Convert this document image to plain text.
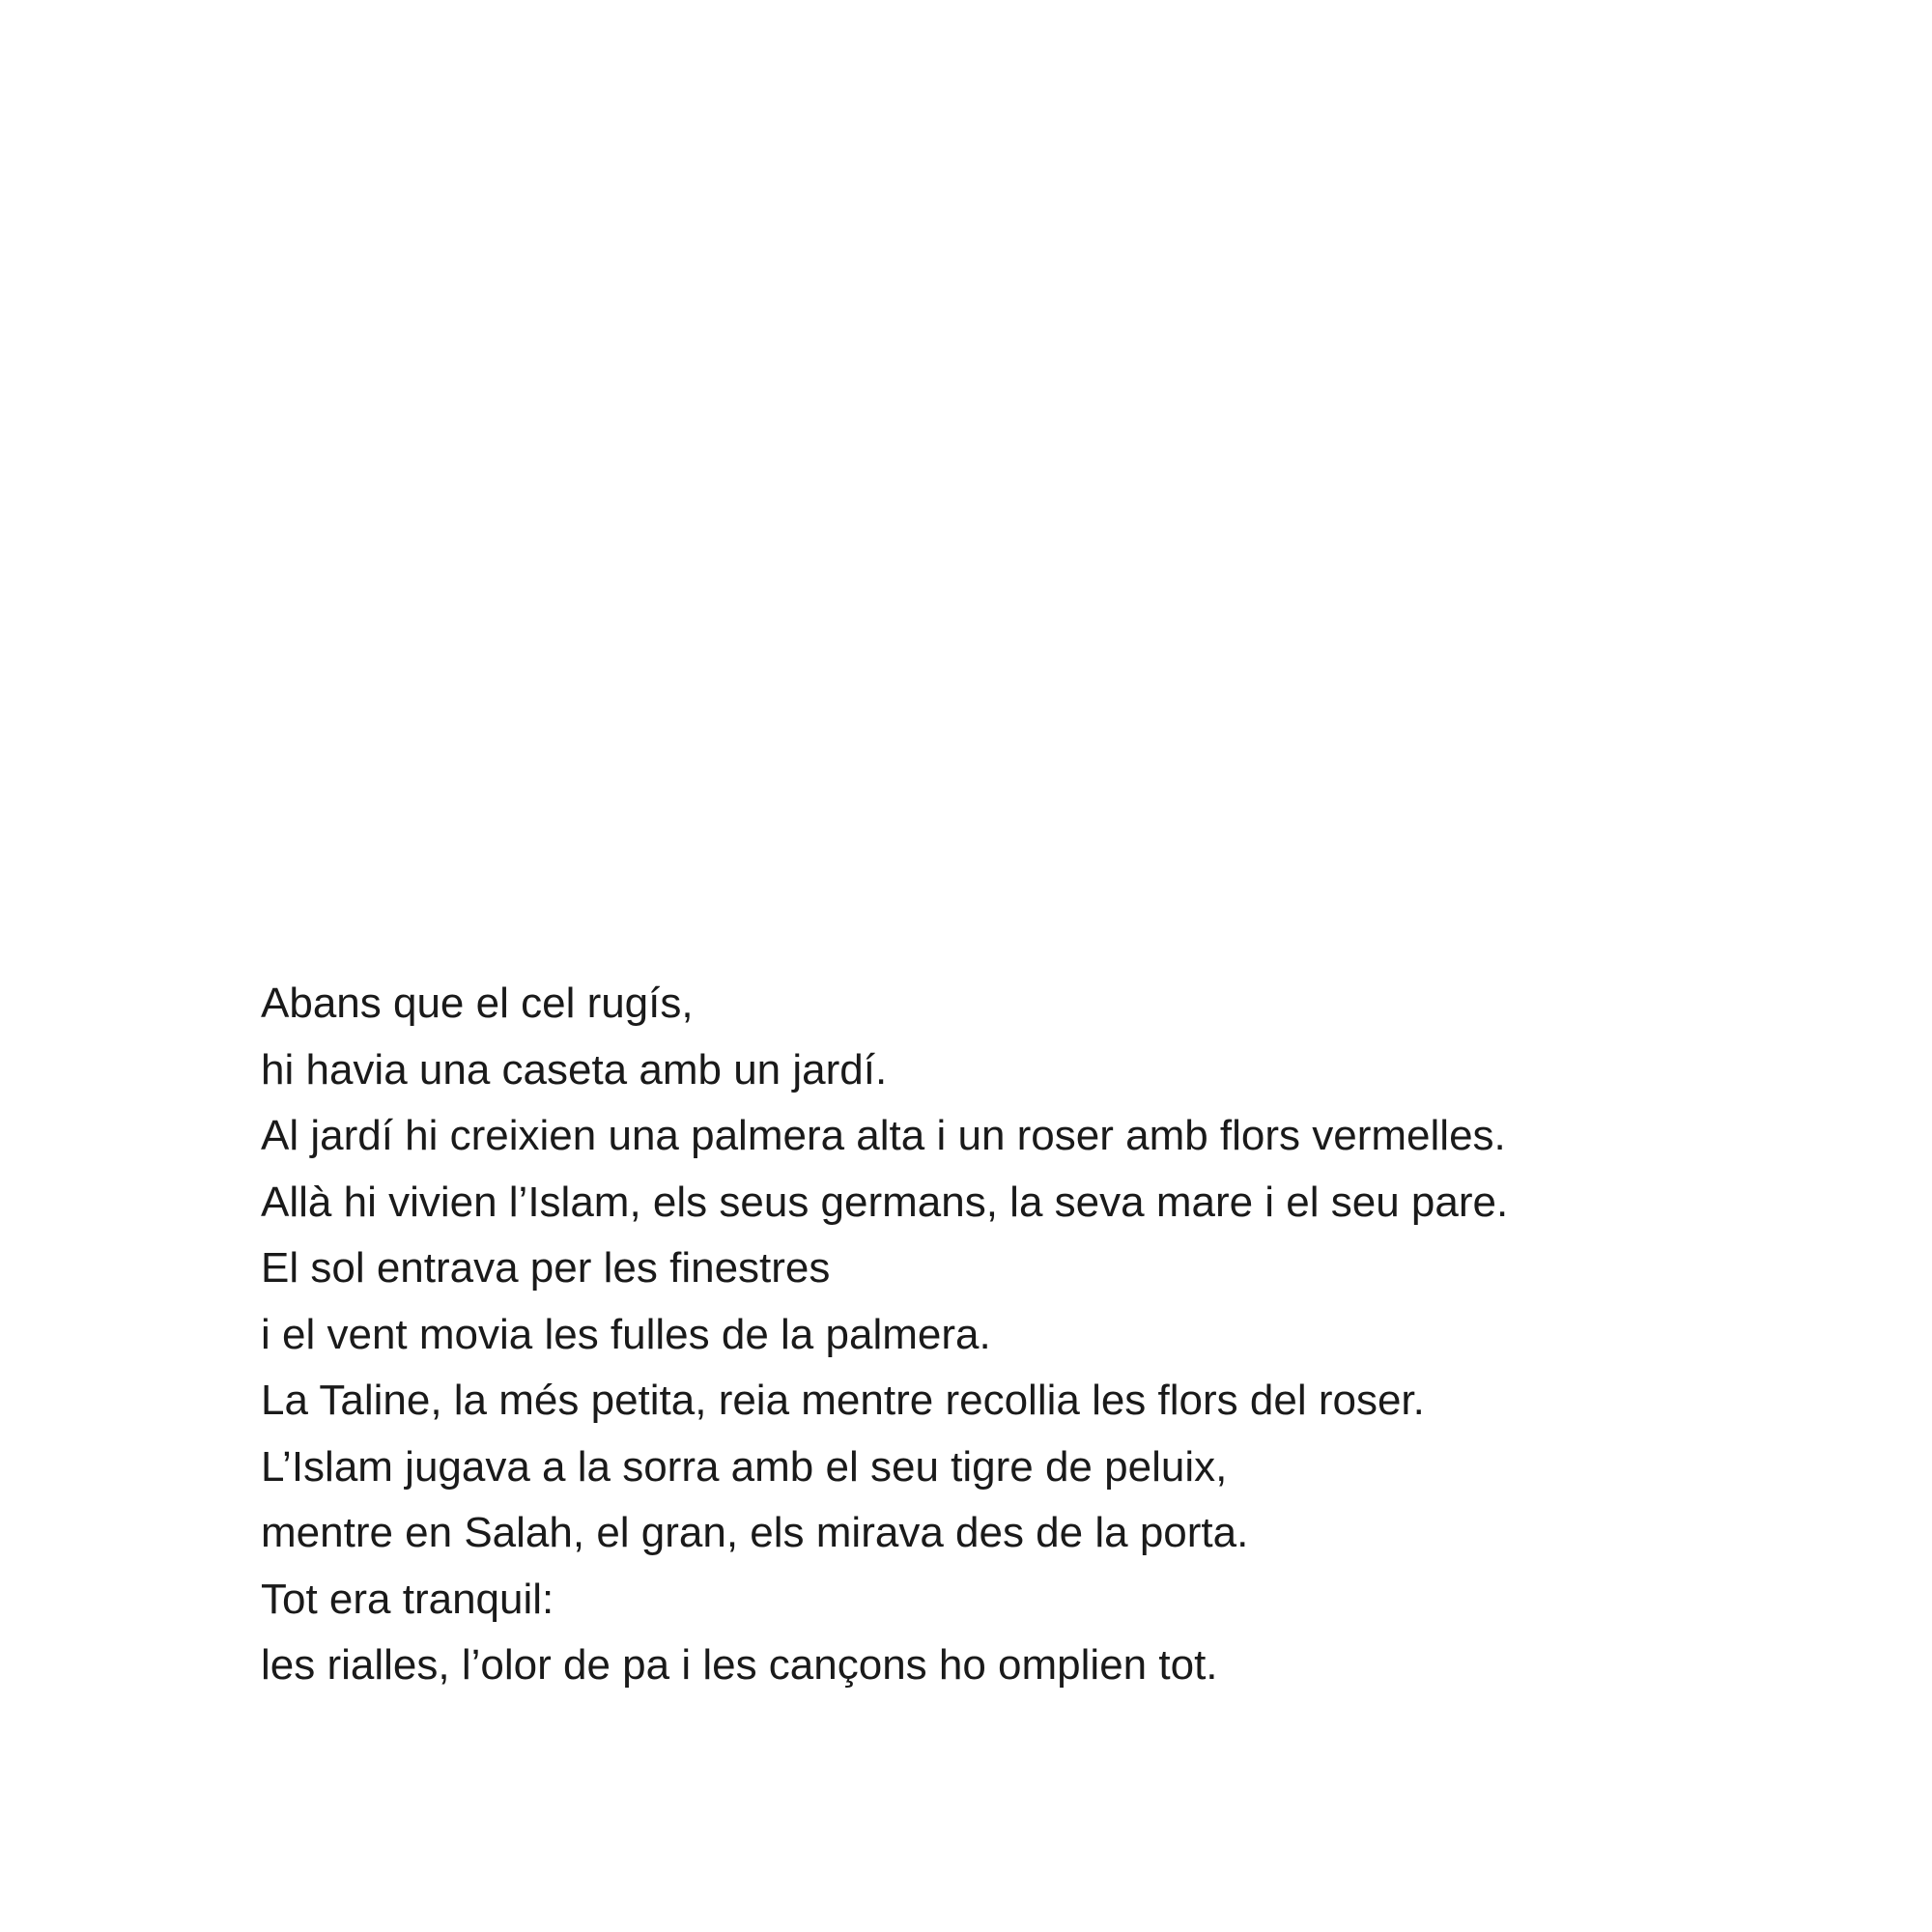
Abans que el cel rugís,
hi havia una caseta amb un jardí.
Al jardí hi creixien una palmera alta i un roser amb flors vermelles.
Allà hi vivien l’Islam, els seus germans, la seva mare i el seu pare.
El sol entrava per les finestres
i el vent movia les fulles de la palmera.
La Taline, la més petita, reia mentre recollia les flors del roser.
L’Islam jugava a la sorra amb el seu tigre de peluix,
mentre en Salah, el gran, els mirava des de la porta.
Tot era tranquil:
les rialles, l’olor de pa i les cançons ho omplien tot.
